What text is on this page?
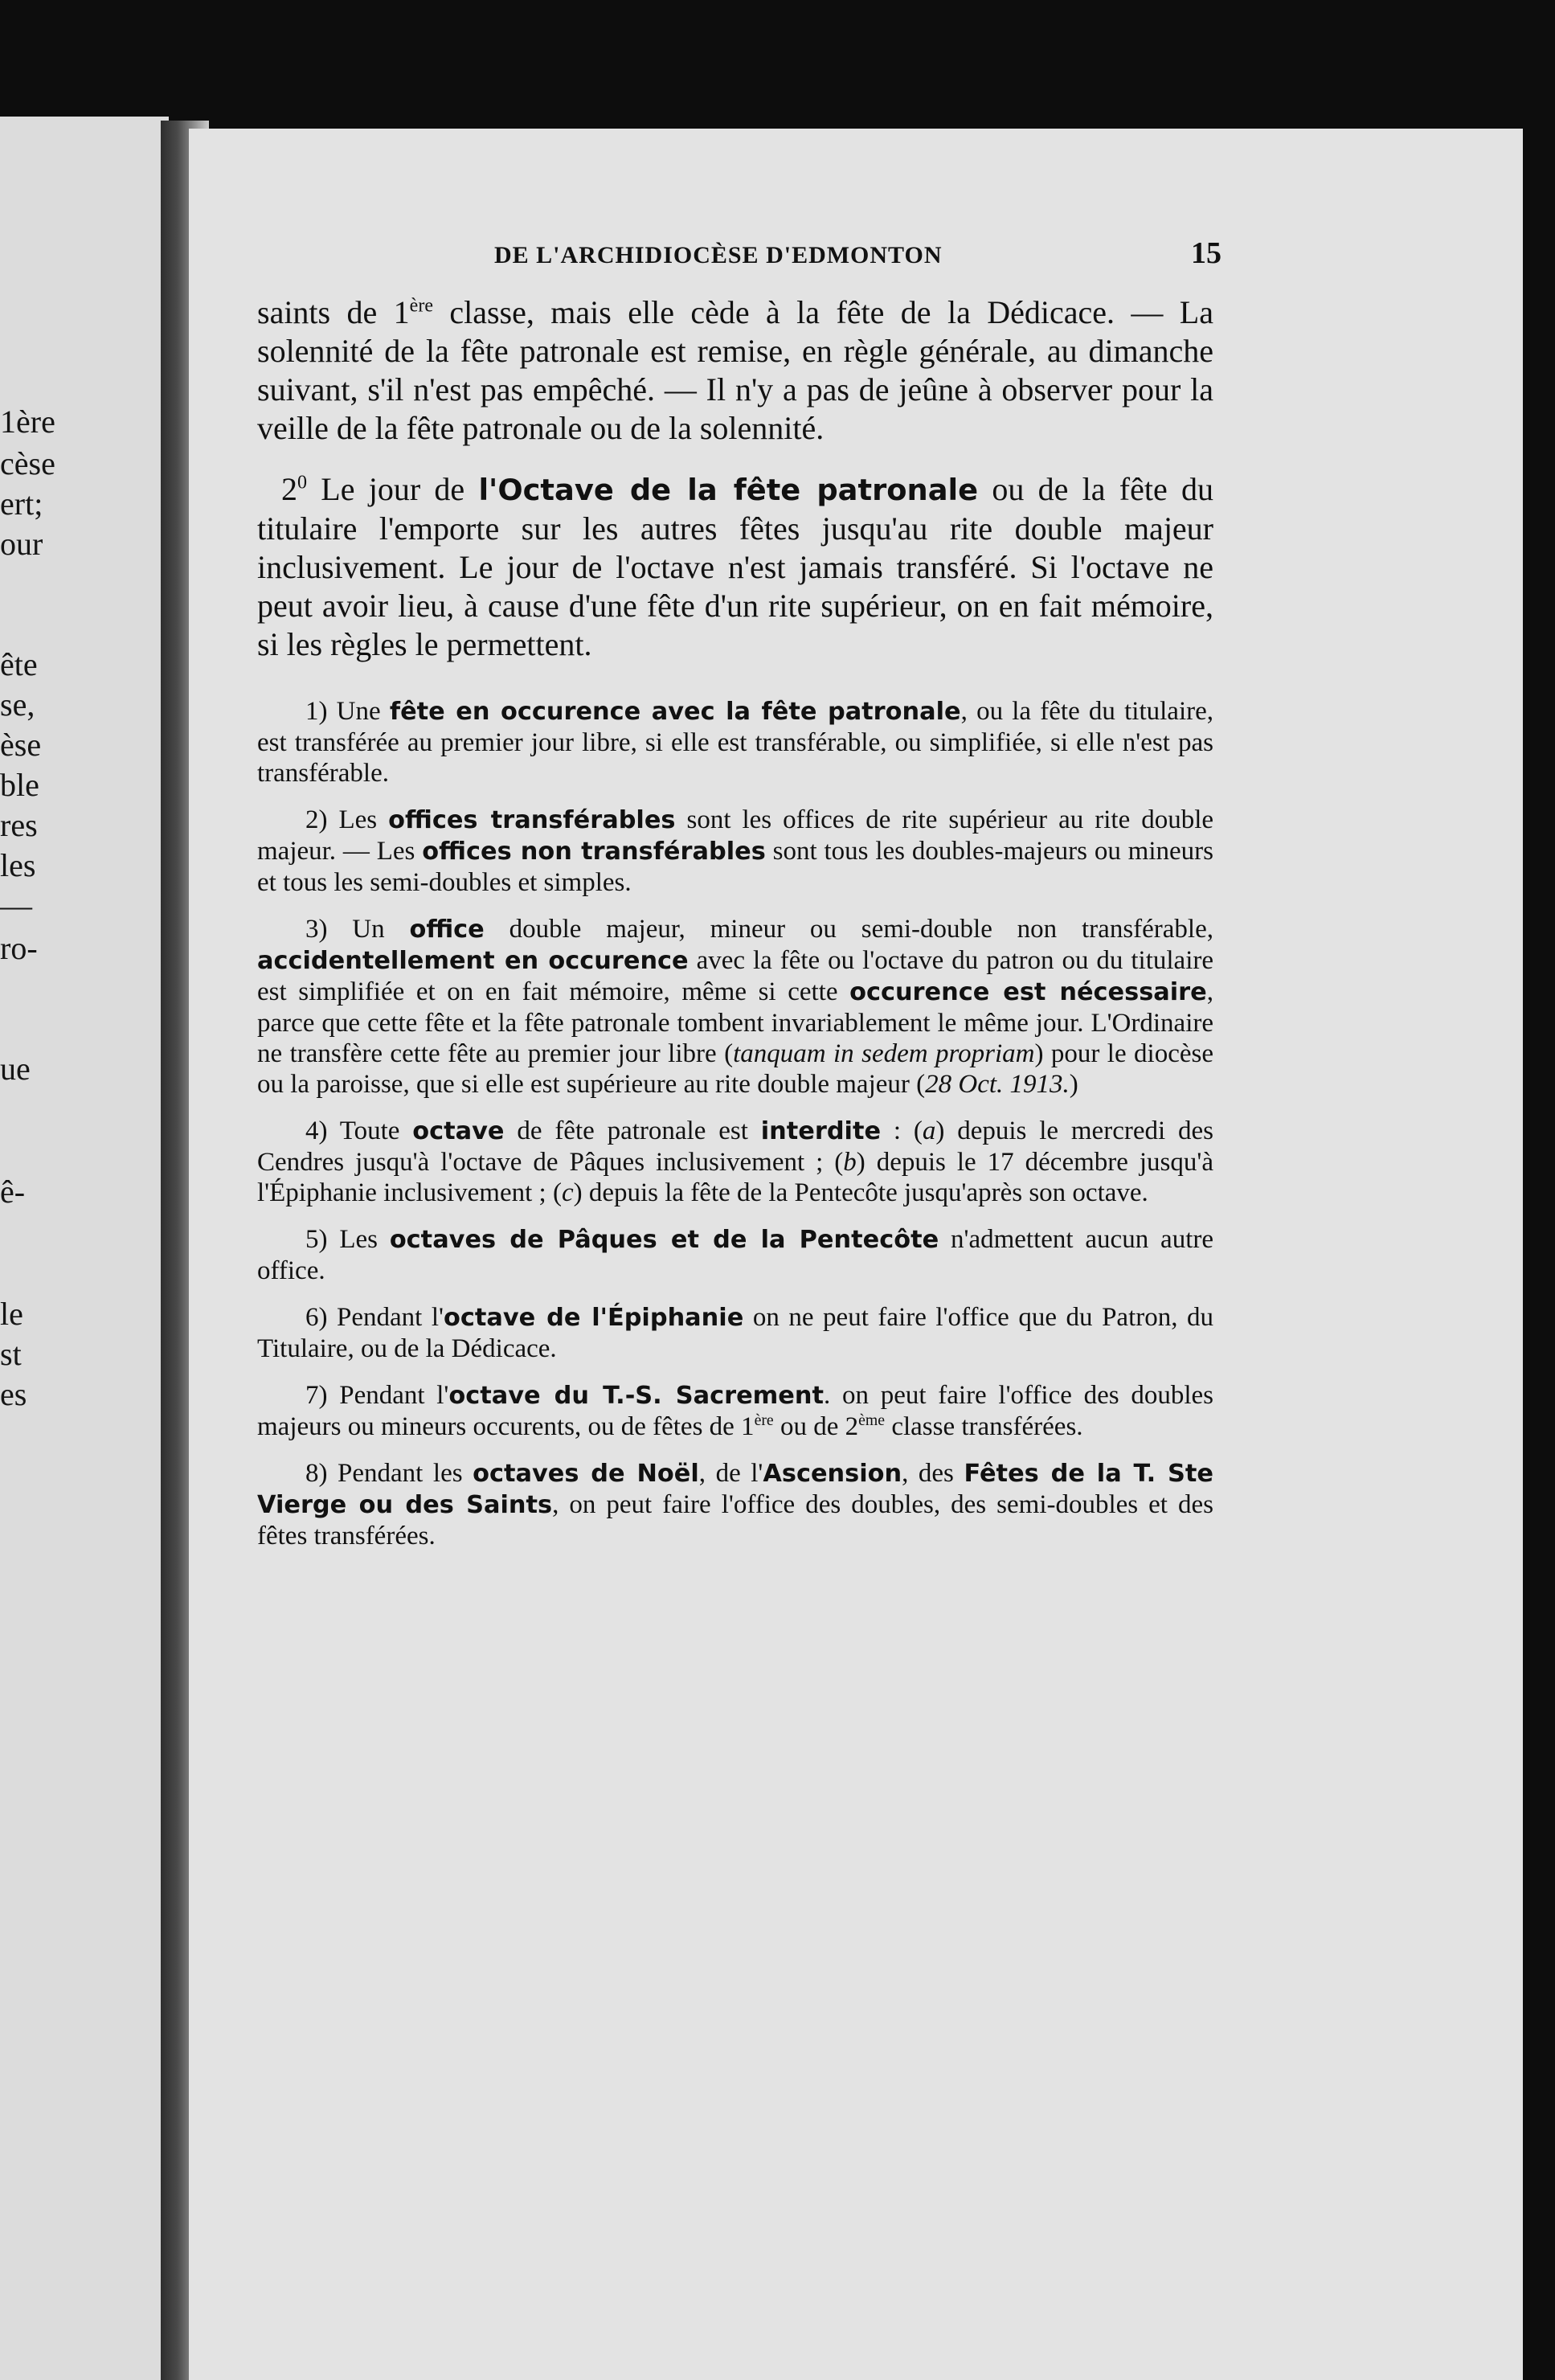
1ère
cèse
ert;
our
ête
se,
èse
ble
res
les
—
ro-
ue
ê-
le
st
es
DE L'ARCHIDIOCÈSE D'EDMONTON	15

saints de 1ère classe, mais elle cède à la fête de la Dédicace. — La solennité de la fête patronale est remise, en règle générale, au dimanche suivant, s'il n'est pas empêché. — Il n'y a pas de jeûne à observer pour la veille de la fête patronale ou de la solennité.

$2^0$ Le jour de l'Octave de la fête patronale ou de la fête du titulaire l'emporte sur les autres fêtes jusqu'au rite double majeur inclusivement. Le jour de l'octave n'est jamais transféré. Si l'octave ne peut avoir lieu, à cause d'une fête d'un rite supérieur, on en fait mémoire, si les règles le permettent.

1) Une fête en occurence avec la fête patronale, ou la fête du titulaire, est transférée au premier jour libre, si elle est transférable, ou simplifiée, si elle n'est pas transférable.

2) Les offices transférables sont les offices de rite supérieur au rite double majeur. — Les offices non transférables sont tous les doubles-majeurs ou mineurs et tous les semi-doubles et simples.

3) Un office double majeur, mineur ou semi-double non transférable, accidentellement en occurence avec la fête ou l'octave du patron ou du titulaire est simplifiée et on en fait mémoire, même si cette occurence est nécessaire, parce que cette fête et la fête patronale tombent invariablement le même jour. L'Ordinaire ne transfère cette fête au premier jour libre (tanquam in sedem propriam) pour le diocèse ou la paroisse, que si elle est supérieure au rite double majeur (28 Oct. 1913.)

4) Toute octave de fête patronale est interdite : (a) depuis le mercredi des Cendres jusqu'à l'octave de Pâques inclusivement ; (b) depuis le 17 décembre jusqu'à l'Épiphanie inclusivement ; (c) depuis la fête de la Pentecôte jusqu'après son octave.

5) Les octaves de Pâques et de la Pentecôte n'admettent aucun autre office.

6) Pendant l'octave de l'Épiphanie on ne peut faire l'office que du Patron, du Titulaire, ou de la Dédicace.

7) Pendant l'octave du T.-S. Sacrement. on peut faire l'office des doubles majeurs ou mineurs occurents, ou de fêtes de 1ère ou de 2ème classe transférées.

8) Pendant les octaves de Noël, de l'Ascension, des Fêtes de la T. Ste Vierge ou des Saints, on peut faire l'office des doubles, des semi-doubles et des fêtes transférées.
